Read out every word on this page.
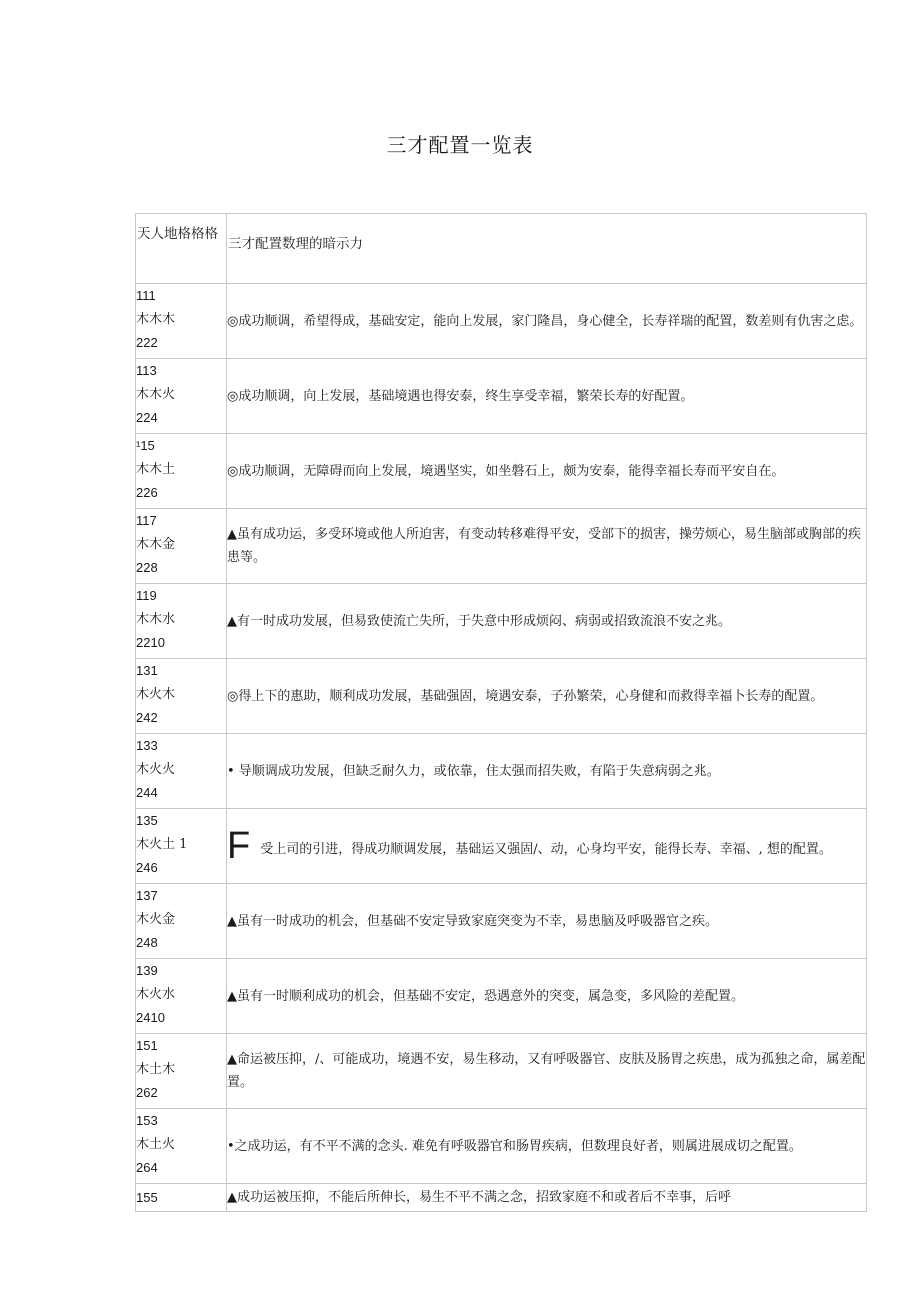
三才配置一览表
天人地格格格	三才配置数理的暗示力

111
木木木
222	◎成功顺调，希望得成，基础安定，能向上发展，家门隆昌，身心健全，长寿祥瑞的配置，数差则有仇害之虑。

113
木木火
224	◎成功顺调，向上发展，基础境遇也得安泰，终生享受幸福，繁荣长寿的好配置。

¹15
木木土
226	◎成功顺调，无障碍而向上发展，境遇坚实，如坐磐石上，颇为安泰，能得幸福长寿而平安自在。

117
木木金
228	▲虽有成功运，多受环境或他人所迫害，有变动转移难得平安，受部下的损害，操劳烦心，易生脑部或胸部的疾患等。

119
木木水
2210	▲有一时成功发展，但易致使流亡失所，于失意中形成烦闷、病弱或招致流浪不安之兆。

131
木火木
242	◎得上下的惠助，顺利成功发展，基础强固，境遇安泰，子孙繁荣，心身健和而救得幸福卜长寿的配置。

133
木火火
244	• 导顺调成功发展，但缺乏耐久力，或依靠，住太强而招失败，有陷于失意病弱之兆。

135
木火土 1
246	F 受上司的引进，得成功顺调发展，基础运又强固/、动，心身均平安，能得长寿、幸福、, 想的配置。

137
木火金
248	▲虽有一时成功的机会，但基础不安定导致家庭突变为不幸，易患脑及呼吸器官之疾。

139
木火水
2410	▲虽有一时顺利成功的机会，但基础不安定，恐遇意外的突变，属急变，多风险的差配置。

151
木土木
262	▲命运被压抑，/、可能成功，境遇不安，易生移动，又有呼吸器官、皮肤及肠胃之疾患，成为孤独之命，属差配置。

153
木土火
264	•之成功运，有不平不满的念头. 难免有呼吸器官和肠胃疾病，但数理良好者，则属进展成切之配置。

155	▲成功运被压抑，不能后所伸长，易生不平不满之念，招致家庭不和或者后不幸事，后呼
